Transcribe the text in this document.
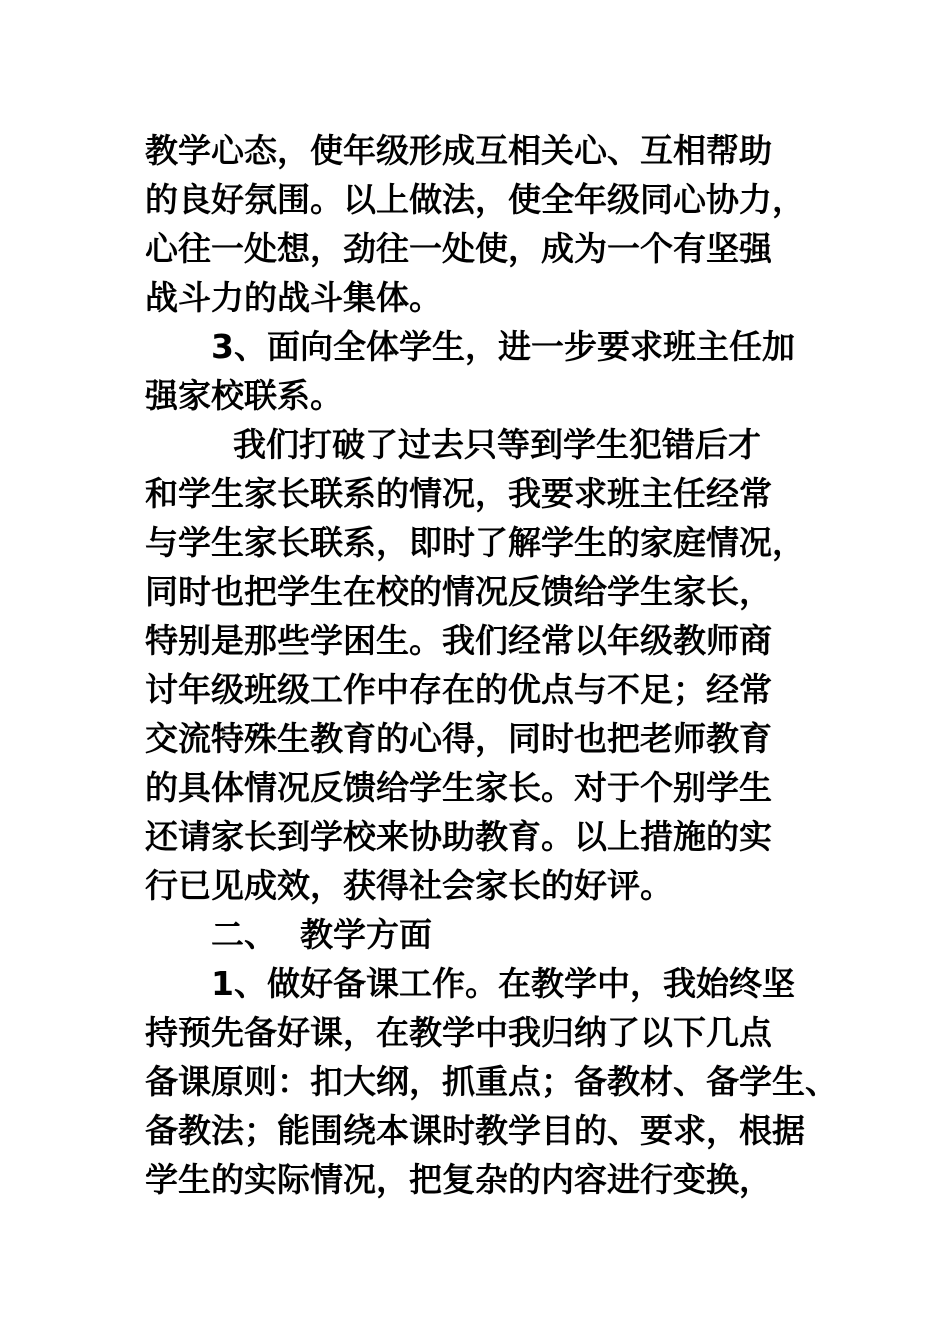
教学心态，使年级形成互相关心、互相帮助
的良好氛围。以上做法，使全年级同心协力，
心往一处想，劲往一处使，成为一个有坚强
战斗力的战斗集体。
3、面向全体学生，进一步要求班主任加
强家校联系。
我们打破了过去只等到学生犯错后才
和学生家长联系的情况，我要求班主任经常
与学生家长联系，即时了解学生的家庭情况，
同时也把学生在校的情况反馈给学生家长，
特别是那些学困生。我们经常以年级教师商
讨年级班级工作中存在的优点与不足；经常
交流特殊生教育的心得，同时也把老师教育
的具体情况反馈给学生家长。对于个别学生
还请家长到学校来协助教育。以上措施的实
行已见成效，获得社会家长的好评。
二、  教学方面
1、做好备课工作。在教学中，我始终坚
持预先备好课，在教学中我归纳了以下几点
备课原则：扣大纲，抓重点；备教材、备学生、
备教法；能围绕本课时教学目的、要求，根据
学生的实际情况，把复杂的内容进行变换，
